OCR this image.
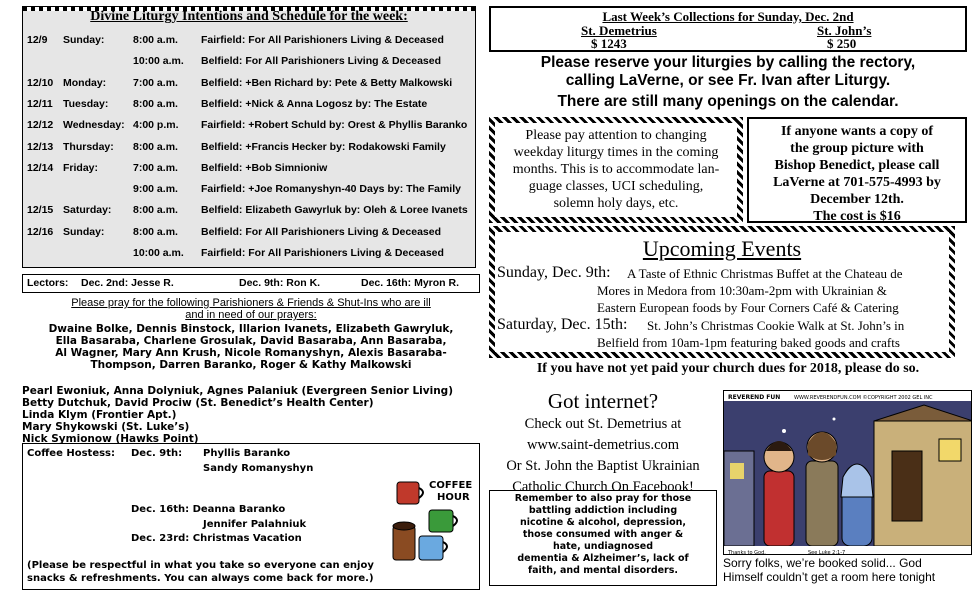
Divine Liturgy Intentions and Schedule for the week:
12/9 Sunday:	8:00 a.m. Fairfield: For All Parishioners Living & Deceased
10:00 a.m. Belfield: For All Parishioners Living & Deceased
12/10 Monday:	7:00 a.m. Belfield: +Ben Richard by: Pete & Betty Malkowski
12/11 Tuesday: 8:00 a.m. Belfield: +Nick & Anna Logosz by: The Estate
12/12 Wednesday: 4:00 p.m. Fairfield: +Robert Schuld by: Orest & Phyllis Baranko
12/13 Thursday: 8:00 a.m. Belfield: +Francis Hecker by: Rodakowski Family
12/14 Friday:	7:00 a.m. Belfield: +Bob Simnioniw
9:00 a.m. Fairfield: +Joe Romanyshyn-40 Days by: The Family
12/15 Saturday: 8:00 a.m. Belfield: Elizabeth Gawyrluk by: Oleh & Loree Ivanets
12/16 Sunday:	8:00 a.m. Belfield: For All Parishioners Living & Deceased
10:00 a.m. Fairfield: For All Parishioners Living & Deceased
Lectors: Dec. 2nd: Jesse R.	Dec. 9th: Ron K.	Dec. 16th: Myron R.
Please pray for the following Parishioners & Friends & Shut-Ins who are ill
and in need of our prayers:
Dwaine Bolke, Dennis Binstock, Illarion Ivanets, Elizabeth Gawryluk,
Ella Basaraba, Charlene Grosulak, David Basaraba, Ann Basaraba,
Al Wagner, Mary Ann Krush, Nicole Romanyshyn, Alexis Basaraba-
Thompson, Darren Baranko, Roger & Kathy Malkowski
Pearl Ewoniuk, Anna Dolyniuk, Agnes Palaniuk (Evergreen Senior Living)
Betty Dutchuk, David Prociw (St. Benedict’s Health Center)
Linda Klym (Frontier Apt.)
Mary Shykowski (St. Luke’s)
Nick Symionow (Hawks Point)
Coffee Hostess: Dec. 9th: Phyllis Baranko
Sandy Romanyshyn
Dec. 16th: Deanna Baranko
Jennifer Palahniuk
Dec. 23rd: Christmas Vacation
(Please be respectful in what you take so everyone can enjoy
snacks & refreshments. You can always come back for more.)
COFFEE
HOUR
Last Week’s Collections for Sunday, Dec. 2nd
St. Demetrius
$ 1243
St. John’s
$ 250
Please reserve your liturgies by calling the rectory,
calling LaVerne, or see Fr. Ivan after Liturgy.
There are still many openings on the calendar.
Please pay attention to changing
weekday liturgy times in the coming
months. This is to accommodate lan-
guage classes, UCI scheduling,
solemn holy days, etc.
If anyone wants a copy of
the group picture with
Bishop Benedict, please call
LaVerne at 701-575-4993 by
December 12th.
The cost is $16
Upcoming Events
Sunday, Dec. 9th: A Taste of Ethnic Christmas Buffet at the Chateau de
Mores in Medora from 10:30am-2pm with Ukrainian &
Eastern European foods by Four Corners Café & Catering
Saturday, Dec. 15th: St. John’s Christmas Cookie Walk at St. John’s in
Belfield from 10am-1pm featuring baked goods and crafts
If you have not yet paid your church dues for 2018, please do so.
Got internet?
Check out St. Demetrius at
www.saint-demetrius.com
Or St. John the Baptist Ukrainian
Catholic Church On Facebook!
Remember to also pray for those
battling addiction including
nicotine & alcohol, depression,
those consumed with anger &
hate, undiagnosed
dementia & Alzheimer’s, lack of
faith, and mental disorders.
REVEREND FUN	WWW.REVERENDFUN.COM ©COPYRIGHT 2002 GEL INC
Thanks to God.	See Luke 2:1-7
Sorry folks, we’re booked solid... God
Himself couldn’t get a room here tonight
